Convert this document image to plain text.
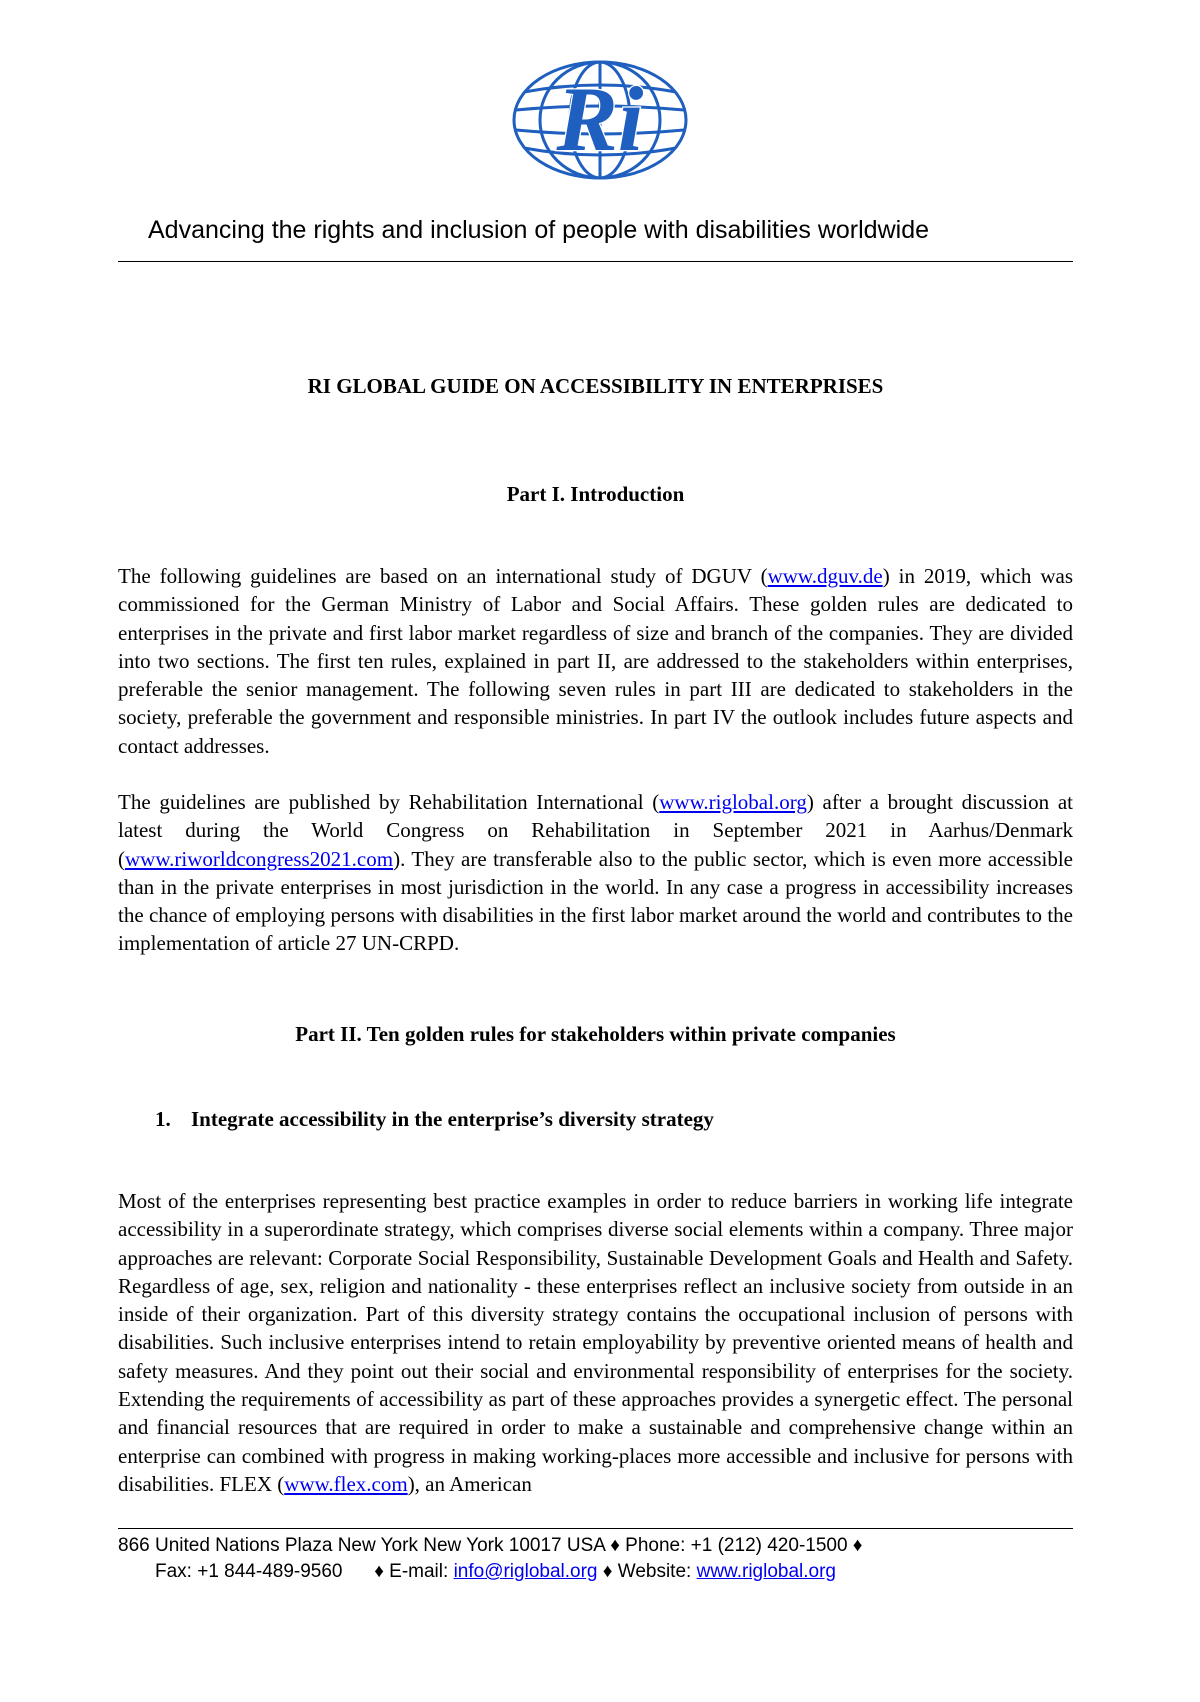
Ri
Advancing the rights and inclusion of people with disabilities worldwide
RI GLOBAL GUIDE ON ACCESSIBILITY IN ENTERPRISES
Part I. Introduction

The following guidelines are based on an international study of DGUV (www.dguv.de) in 2019, which was commissioned for the German Ministry of Labor and Social Affairs. These golden rules are dedicated to enterprises in the private and first labor market regardless of size and branch of the companies. They are divided into two sections. The first ten rules, explained in part II, are addressed to the stakeholders within enterprises, preferable the senior management. The following seven rules in part III are dedicated to stakeholders in the society, preferable the government and responsible ministries. In part IV the outlook includes future aspects and contact addresses.

The guidelines are published by Rehabilitation International (www.riglobal.org) after a brought discussion at latest during the World Congress on Rehabilitation in September 2021 in Aarhus/Denmark (www.riworldcongress2021.com). They are transferable also to the public sector, which is even more accessible than in the private enterprises in most jurisdiction in the world. In any case a progress in accessibility increases the chance of employing persons with disabilities in the first labor market around the world and contributes to the implementation of article 27 UN-CRPD.

Part II. Ten golden rules for stakeholders within private companies
1. Integrate accessibility in the enterprise’s diversity strategy

Most of the enterprises representing best practice examples in order to reduce barriers in working life integrate accessibility in a superordinate strategy, which comprises diverse social elements within a company. Three major approaches are relevant: Corporate Social Responsibility, Sustainable Development Goals and Health and Safety. Regardless of age, sex, religion and nationality - these enterprises reflect an inclusive society from outside in an inside of their organization. Part of this diversity strategy contains the occupational inclusion of persons with disabilities. Such inclusive enterprises intend to retain employability by preventive oriented means of health and safety measures. And they point out their social and environmental responsibility of enterprises for the society. Extending the requirements of accessibility as part of these approaches provides a synergetic effect. The personal and financial resources that are required in order to make a sustainable and comprehensive change within an enterprise can combined with progress in making working-places more accessible and inclusive for persons with disabilities. FLEX (www.flex.com), an American

866 United Nations Plaza New York New York 10017 USA ♦ Phone: +1 (212) 420-1500 ♦
Fax: +1 844-489-9560 ♦ E-mail: info@riglobal.org ♦ Website: www.riglobal.org
